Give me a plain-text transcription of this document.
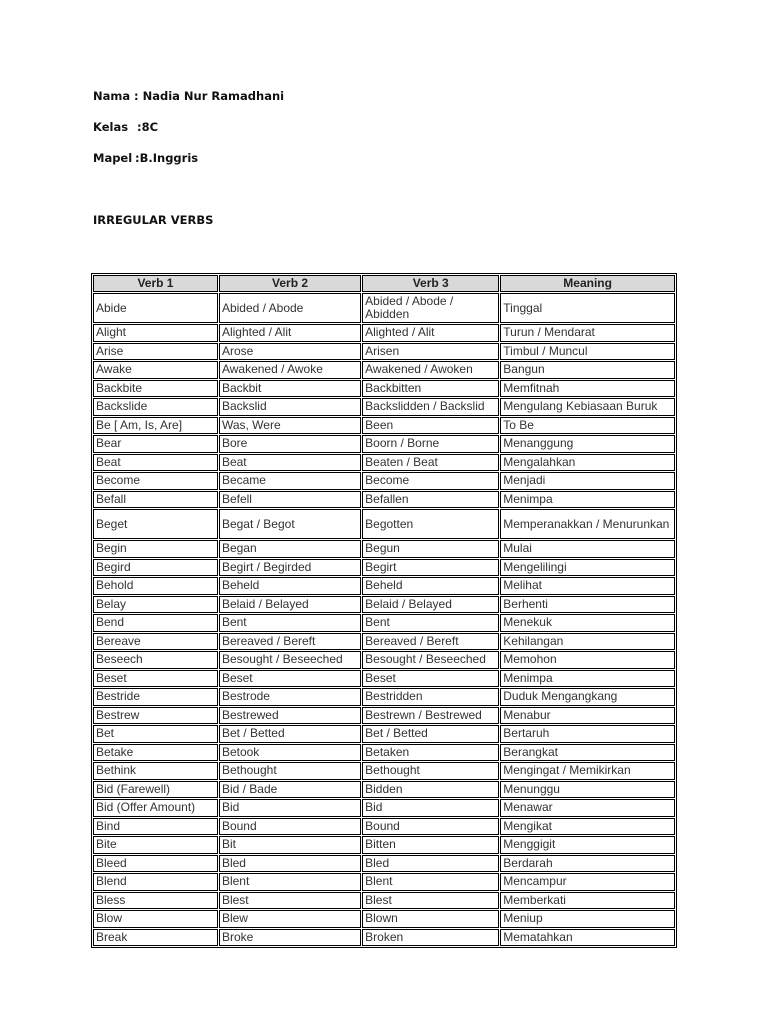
Nama : Nadia Nur Ramadhani
Kelas :8C
Mapel :B.Inggris
IRREGULAR VERBS
Verb 1	Verb 2	Verb 3	Meaning
Abide	Abided / Abode	Abided / Abode / Abidden	Tinggal
Alight	Alighted / Alit	Alighted / Alit	Turun / Mendarat
Arise	Arose	Arisen	Timbul / Muncul
Awake	Awakened / Awoke	Awakened / Awoken	Bangun
Backbite	Backbit	Backbitten	Memfitnah
Backslide	Backslid	Backslidden / Backslid	Mengulang Kebiasaan Buruk
Be [ Am, Is, Are]	Was, Were	Been	To Be
Bear	Bore	Boorn / Borne	Menanggung
Beat	Beat	Beaten / Beat	Mengalahkan
Become	Became	Become	Menjadi
Befall	Befell	Befallen	Menimpa
Beget	Begat / Begot	Begotten	Memperanakkan / Menurunkan
Begin	Began	Begun	Mulai
Begird	Begirt / Begirded	Begirt	Mengelilingi
Behold	Beheld	Beheld	Melihat
Belay	Belaid / Belayed	Belaid / Belayed	Berhenti
Bend	Bent	Bent	Menekuk
Bereave	Bereaved / Bereft	Bereaved / Bereft	Kehilangan
Beseech	Besought / Beseeched	Besought / Beseeched	Memohon
Beset	Beset	Beset	Menimpa
Bestride	Bestrode	Bestridden	Duduk Mengangkang
Bestrew	Bestrewed	Bestrewn / Bestrewed	Menabur
Bet	Bet / Betted	Bet / Betted	Bertaruh
Betake	Betook	Betaken	Berangkat
Bethink	Bethought	Bethought	Mengingat / Memikirkan
Bid (Farewell)	Bid / Bade	Bidden	Menunggu
Bid (Offer Amount)	Bid	Bid	Menawar
Bind	Bound	Bound	Mengikat
Bite	Bit	Bitten	Menggigit
Bleed	Bled	Bled	Berdarah
Blend	Blent	Blent	Mencampur
Bless	Blest	Blest	Memberkati
Blow	Blew	Blown	Meniup
Break	Broke	Broken	Mematahkan
